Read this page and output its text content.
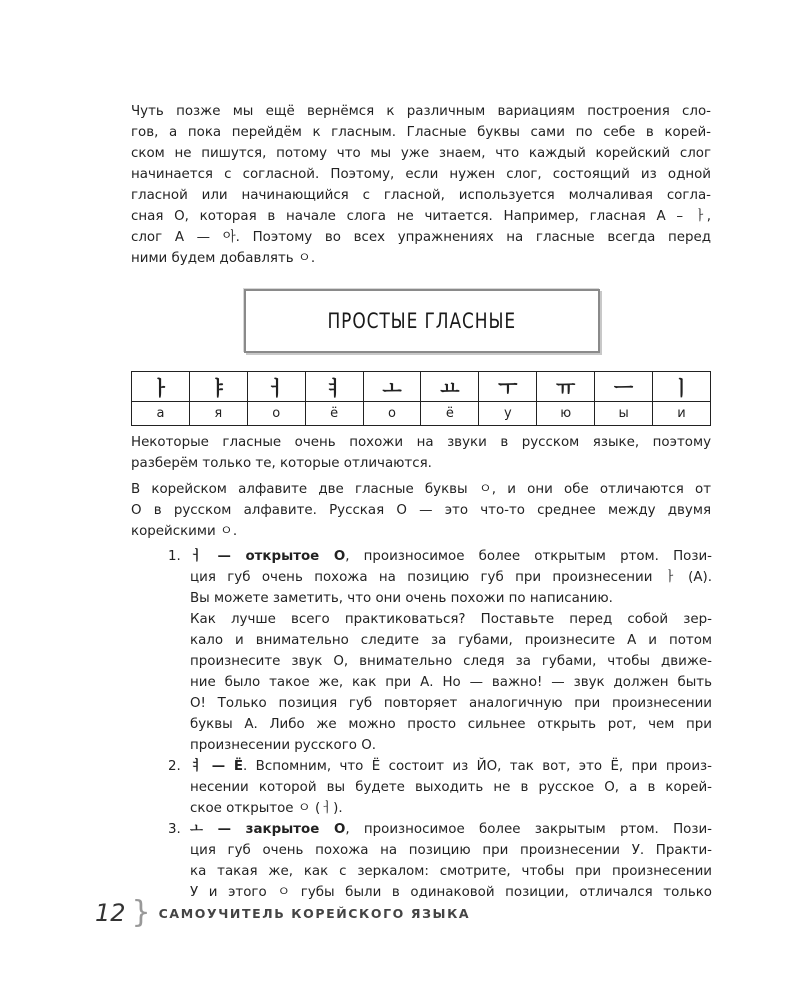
Чуть позже мы ещё вернёмся к различным вариациям построения сло-
гов, а пока перейдём к гласным. Гласные буквы сами по себе в корей-
ском не пишутся, потому что мы уже знаем, что каждый корейский слог
начинается с согласной. Поэтому, если нужен слог, состоящий из одной
гласной или начинающийся с гласной, используется молчаливая согла-
сная О, которая в начале слога не читается. Например, гласная А – ㅏ,
слог А — 아. Поэтому во всех упражнениях на гласные всегда перед
ними будем добавлять ㅇ.
ПРОСТЫЕ ГЛАСНЫЕ
ㅏ	ㅑ	ㅓ	ㅕ	ㅗ	ㅛ	ㅜ	ㅠ	ㅡ	ㅣ
а	я	о	ё	о	ё	у	ю	ы	и
Некоторые гласные очень похожи на звуки в русском языке, поэтому
разберём только те, которые отличаются.
В корейском алфавите две гласные буквы ㅇ, и они обе отличаются от
О в русском алфавите. Русская О — это что-то среднее между двумя
корейскими ㅇ.
1. ㅓ — открытое О, произносимое более открытым ртом. Пози-
ция губ очень похожа на позицию губ при произнесении ㅏ (А).
Вы можете заметить, что они очень похожи по написанию.
Как лучше всего практиковаться? Поставьте перед собой зер-
кало и внимательно следите за губами, произнесите А и потом
произнесите звук О, внимательно следя за губами, чтобы движе-
ние было такое же, как при А. Но — важно! — звук должен быть
О! Только позиция губ повторяет аналогичную при произнесении
буквы А. Либо же можно просто сильнее открыть рот, чем при
произнесении русского О.
2. ㅕ — Ё. Вспомним, что Ё состоит из ЙО, так вот, это Ё, при произ-
несении которой вы будете выходить не в русское О, а в корей-
ское открытое ㅇ (ㅓ).
3. ㅗ — закрытое О, произносимое более закрытым ртом. Пози-
ция губ очень похожа на позицию при произнесении У. Практи-
ка такая же, как с зеркалом: смотрите, чтобы при произнесении
У и этого ㅇ губы были в одинаковой позиции, отличался только
12 } САМОУЧИТЕЛЬ КОРЕЙСКОГО ЯЗЫКА
